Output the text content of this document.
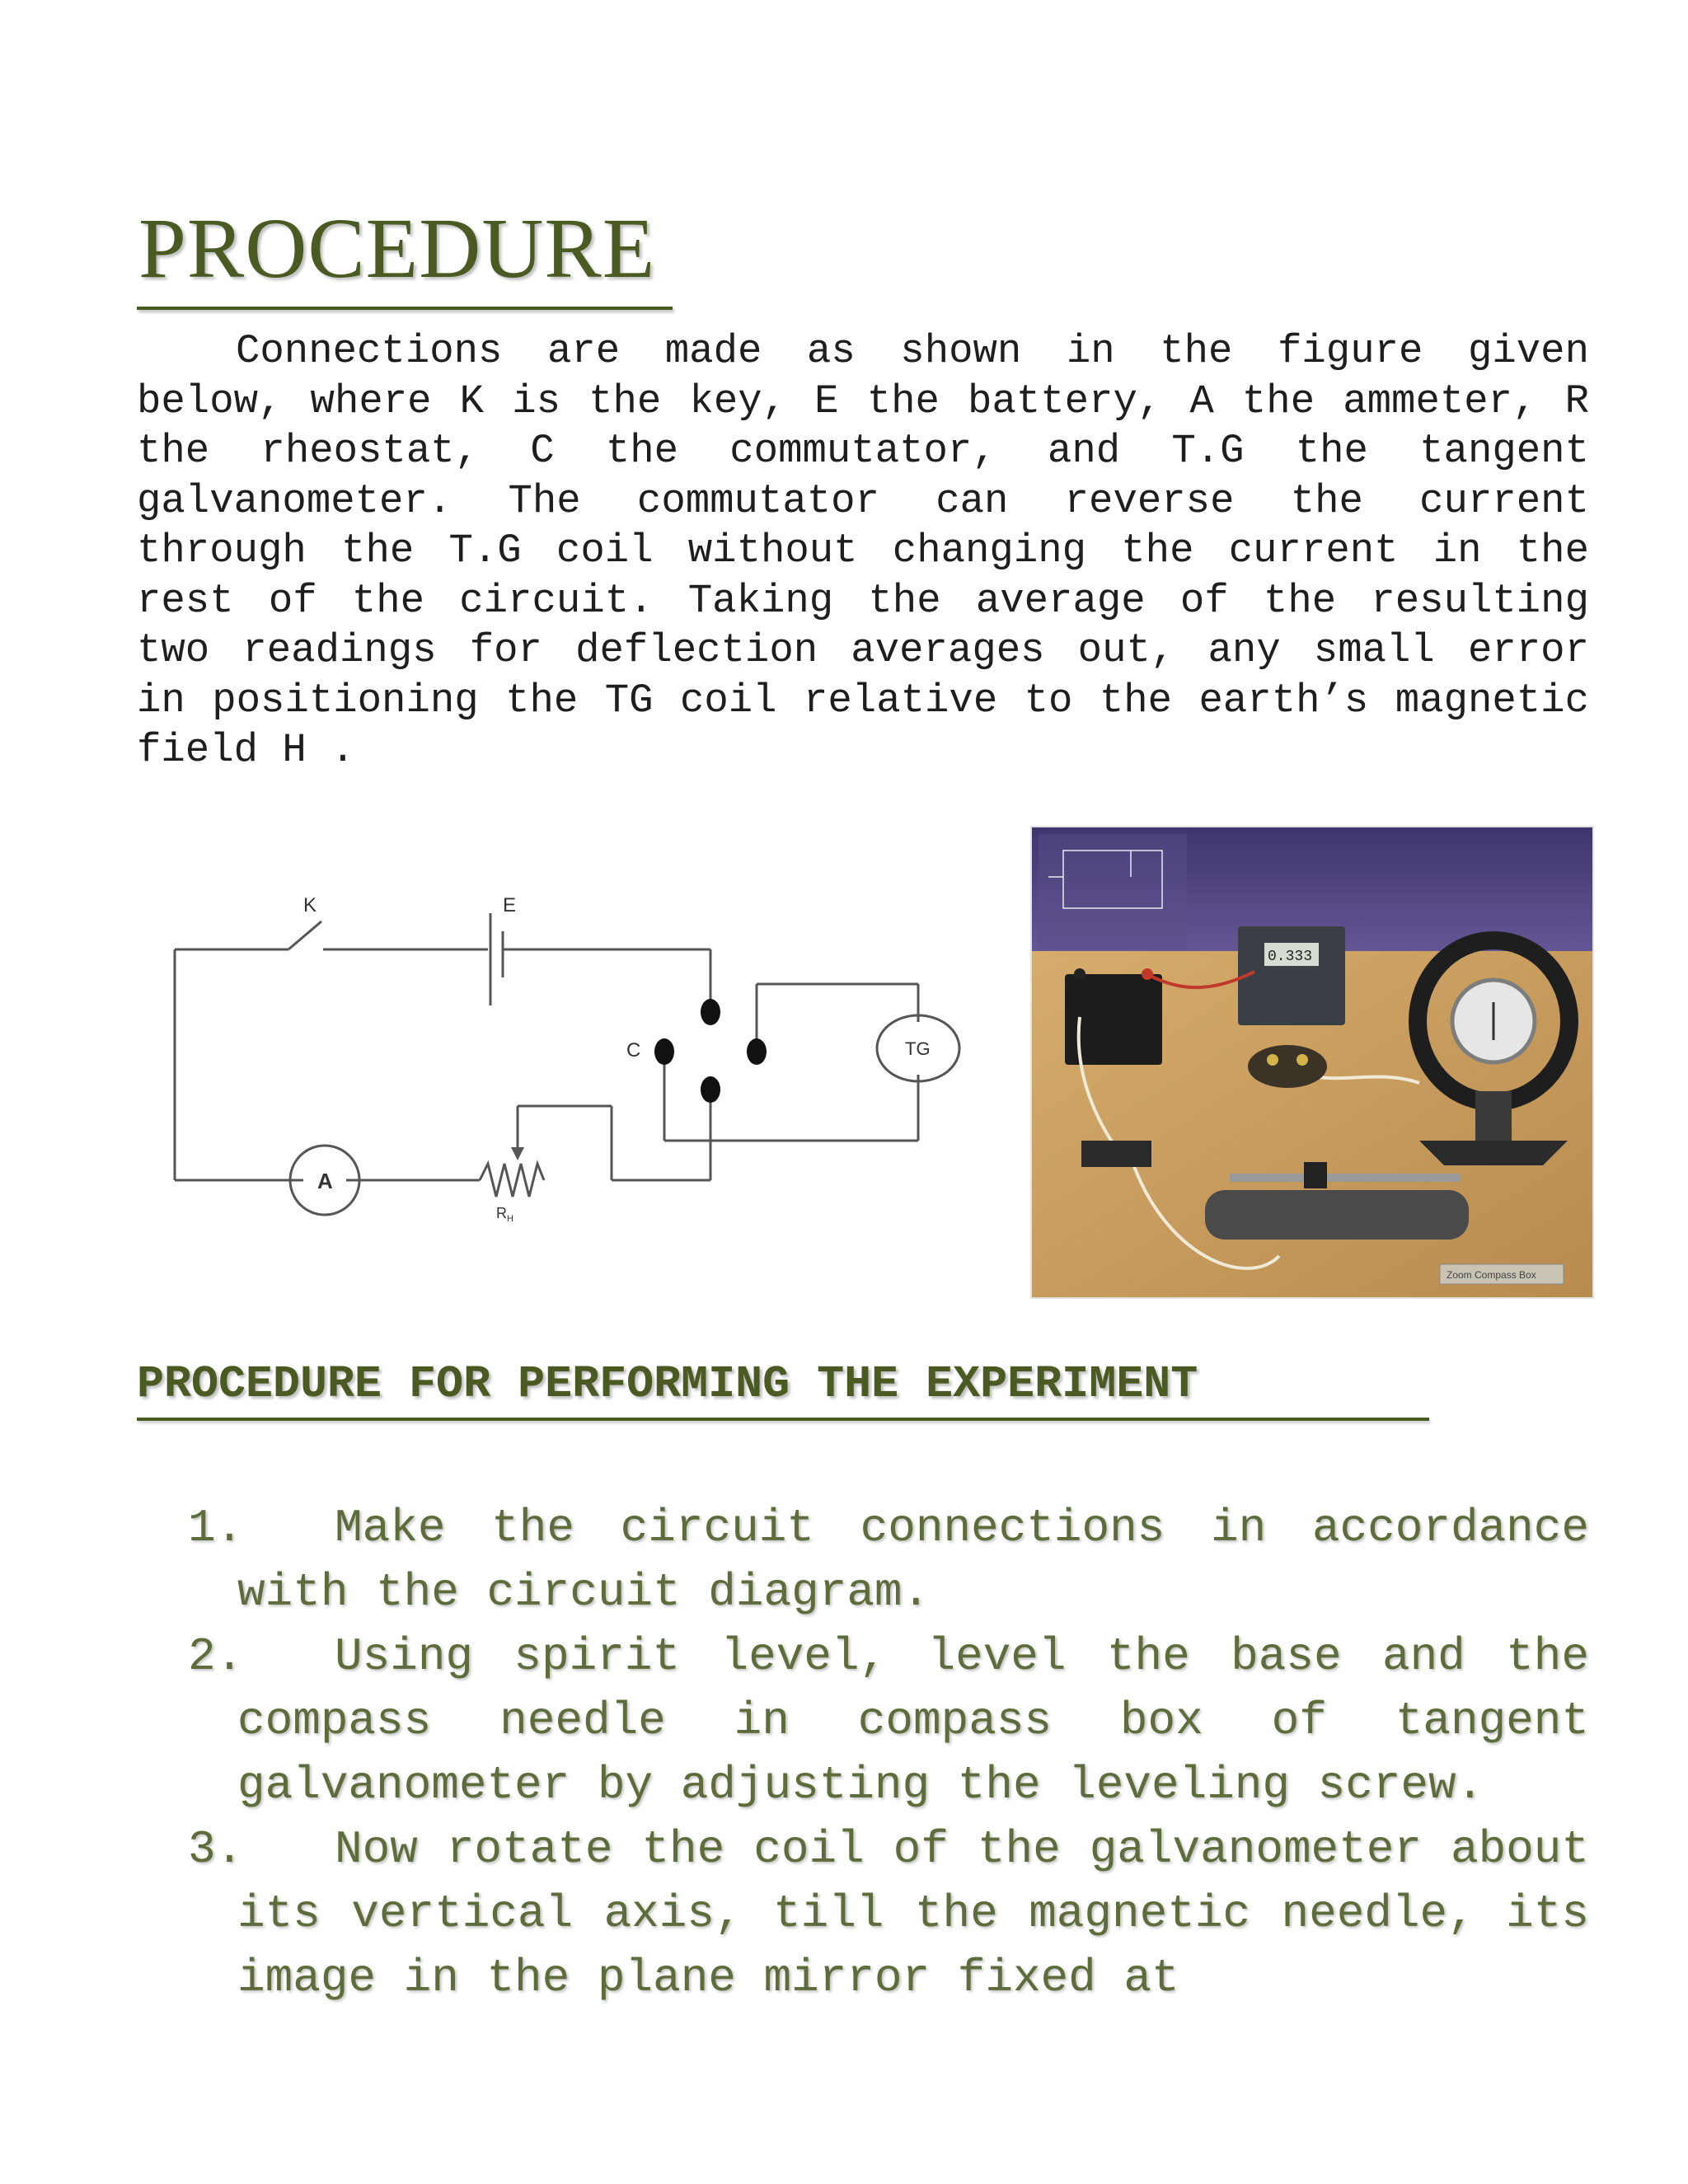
PROCEDURE
Connections are made as shown in the figure given below, where K is the key, E the battery, A the ammeter, R the rheostat, C the commutator, and T.G the tangent galvanometer. The commutator can reverse the current through the T.G coil without changing the current in the rest of the circuit. Taking the average of the resulting two readings for deflection averages out, any small error in positioning the TG coil relative to the earth’s magnetic field H .
K	E
C	TG
A
$R_H$
0.333
Zoom Compass Box
PROCEDURE FOR PERFORMING THE EXPERIMENT
1. Make the circuit connections in accordance with the circuit diagram.
2. Using spirit level, level the base and the compass needle in compass box of tangent galvanometer by adjusting the leveling screw.
3. Now rotate the coil of the galvanometer about its vertical axis, till the magnetic needle, its image in the plane mirror fixed at
